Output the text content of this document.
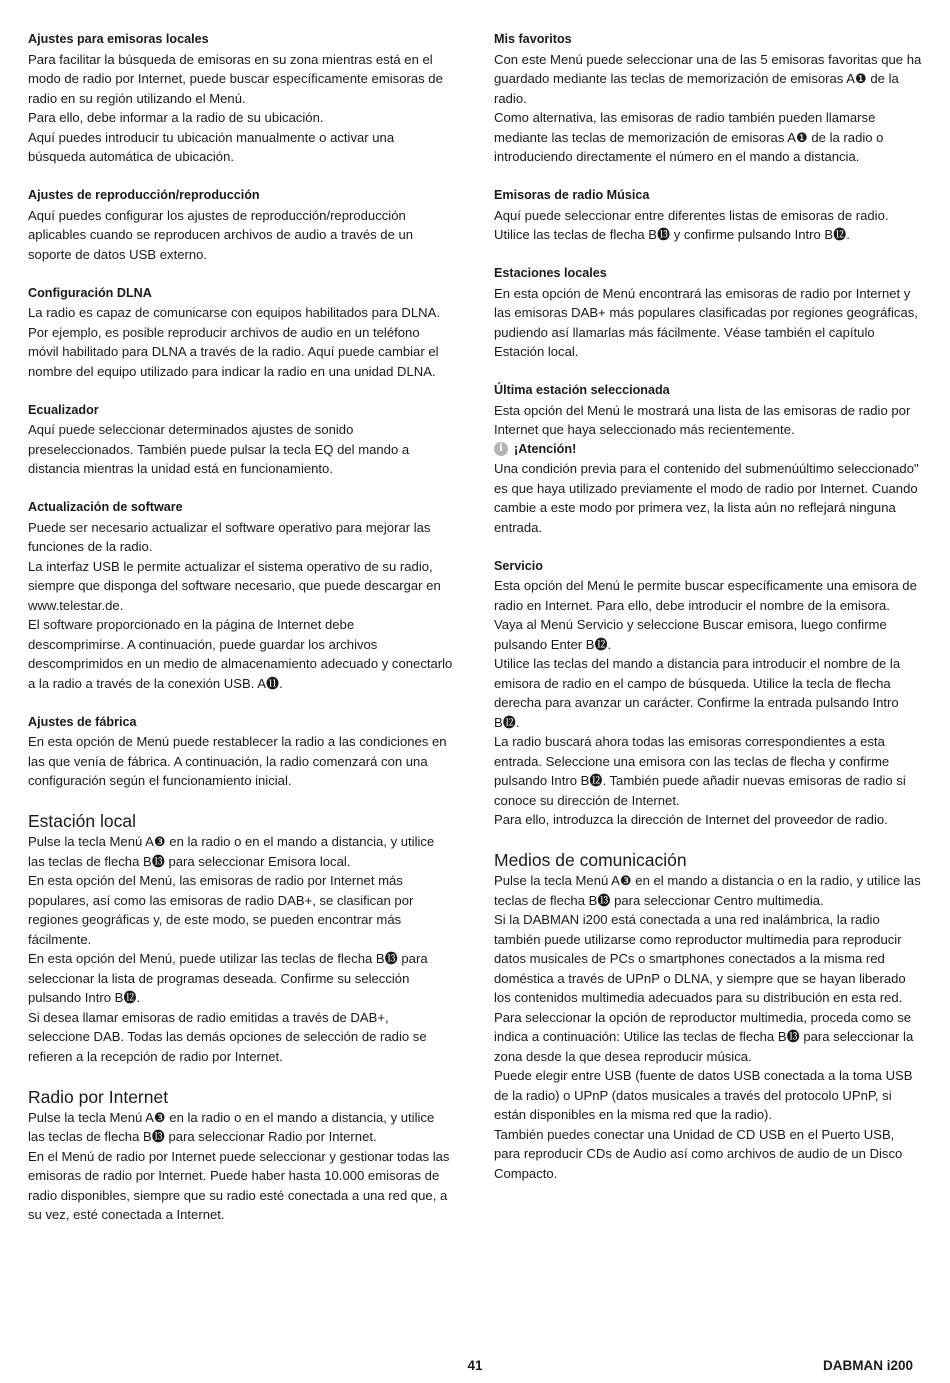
Ajustes para emisoras locales

Para facilitar la búsqueda de emisoras en su zona mientras está en el modo de radio por Internet, puede buscar específicamente emisoras de radio en su región utilizando el Menú.

Para ello, debe informar a la radio de su ubicación.

Aquí puedes introducir tu ubicación manualmente o activar una búsqueda automática de ubicación.

Ajustes de reproducción/reproducción

Aquí puedes configurar los ajustes de reproducción/reproducción aplicables cuando se reproducen archivos de audio a través de un soporte de datos USB externo.

Configuración DLNA

La radio es capaz de comunicarse con equipos habilitados para DLNA. Por ejemplo, es posible reproducir archivos de audio en un teléfono móvil habilitado para DLNA a través de la radio. Aquí puede cambiar el nombre del equipo utilizado para indicar la radio en una unidad DLNA.

Ecualizador

Aquí puede seleccionar determinados ajustes de sonido preseleccionados. También puede pulsar la tecla EQ del mando a distancia mientras la unidad está en funcionamiento.

Actualización de software

Puede ser necesario actualizar el software operativo para mejorar las funciones de la radio.

La interfaz USB le permite actualizar el sistema operativo de su radio, siempre que disponga del software necesario, que puede descargar en www.telestar.de.

El software proporcionado en la página de Internet debe descomprimirse. A continuación, puede guardar los archivos descomprimidos en un medio de almacenamiento adecuado y conectarlo a la radio a través de la conexión USB. A⓫.

Ajustes de fábrica

En esta opción de Menú puede restablecer la radio a las condiciones en las que venía de fábrica. A continuación, la radio comenzará con una configuración según el funcionamiento inicial.

Estación local

Pulse la tecla Menú A❸ en la radio o en el mando a distancia, y utilice las teclas de flecha B⓭ para seleccionar Emisora local.

En esta opción del Menú, las emisoras de radio por Internet más populares, así como las emisoras de radio DAB+, se clasifican por regiones geográficas y, de este modo, se pueden encontrar más fácilmente.

En esta opción del Menú, puede utilizar las teclas de flecha B⓭ para seleccionar la lista de programas deseada. Confirme su selección pulsando Intro B⓬.

Si desea llamar emisoras de radio emitidas a través de DAB+, seleccione DAB. Todas las demás opciones de selección de radio se refieren a la recepción de radio por Internet.

Radio por Internet

Pulse la tecla Menú A❸ en la radio o en el mando a distancia, y utilice las teclas de flecha B⓭ para seleccionar Radio por Internet.

En el Menú de radio por Internet puede seleccionar y gestionar todas las emisoras de radio por Internet. Puede haber hasta 10.000 emisoras de radio disponibles, siempre que su radio esté conectada a una red que, a su vez, esté conectada a Internet.

Mis favoritos

Con este Menú puede seleccionar una de las 5 emisoras favoritas que ha guardado mediante las teclas de memorización de emisoras A❶ de la radio.

Como alternativa, las emisoras de radio también pueden llamarse mediante las teclas de memorización de emisoras A❶ de la radio o introduciendo directamente el número en el mando a distancia.

Emisoras de radio Música

Aquí puede seleccionar entre diferentes listas de emisoras de radio. Utilice las teclas de flecha B⓭ y confirme pulsando Intro B⓬.

Estaciones locales

En esta opción de Menú encontrará las emisoras de radio por Internet y las emisoras DAB+ más populares clasificadas por regiones geográficas, pudiendo así llamarlas más fácilmente. Véase también el capítulo Estación local.

Última estación seleccionada

Esta opción del Menú le mostrará una lista de las emisoras de radio por Internet que haya seleccionado más recientemente.

i ¡Atención!

Una condición previa para el contenido del submenúúltimo seleccionado" es que haya utilizado previamente el modo de radio por Internet. Cuando cambie a este modo por primera vez, la lista aún no reflejará ninguna entrada.

Servicio

Esta opción del Menú le permite buscar específicamente una emisora de radio en Internet. Para ello, debe introducir el nombre de la emisora.

Vaya al Menú Servicio y seleccione Buscar emisora, luego confirme pulsando Enter B⓬.

Utilice las teclas del mando a distancia para introducir el nombre de la emisora de radio en el campo de búsqueda. Utilice la tecla de flecha derecha para avanzar un carácter. Confirme la entrada pulsando Intro B⓬.

La radio buscará ahora todas las emisoras correspondientes a esta entrada. Seleccione una emisora con las teclas de flecha y confirme pulsando Intro B⓬. También puede añadir nuevas emisoras de radio si conoce su dirección de Internet.

Para ello, introduzca la dirección de Internet del proveedor de radio.

Medios de comunicación

Pulse la tecla Menú A❸ en el mando a distancia o en la radio, y utilice las teclas de flecha B⓭ para seleccionar Centro multimedia.

Si la DABMAN i200 está conectada a una red inalámbrica, la radio también puede utilizarse como reproductor multimedia para reproducir datos musicales de PCs o smartphones conectados a la misma red doméstica a través de UPnP o DLNA, y siempre que se hayan liberado los contenidos multimedia adecuados para su distribución en esta red. Para seleccionar la opción de reproductor multimedia, proceda como se indica a continuación: Utilice las teclas de flecha B⓭ para seleccionar la zona desde la que desea reproducir música.

Puede elegir entre USB (fuente de datos USB conectada a la toma USB de la radio) o UPnP (datos musicales a través del protocolo UPnP, si están disponibles en la misma red que la radio).

También puedes conectar una Unidad de CD USB en el Puerto USB, para reproducir CDs de Audio así como archivos de audio de un Disco Compacto.

41	DABMAN i200
